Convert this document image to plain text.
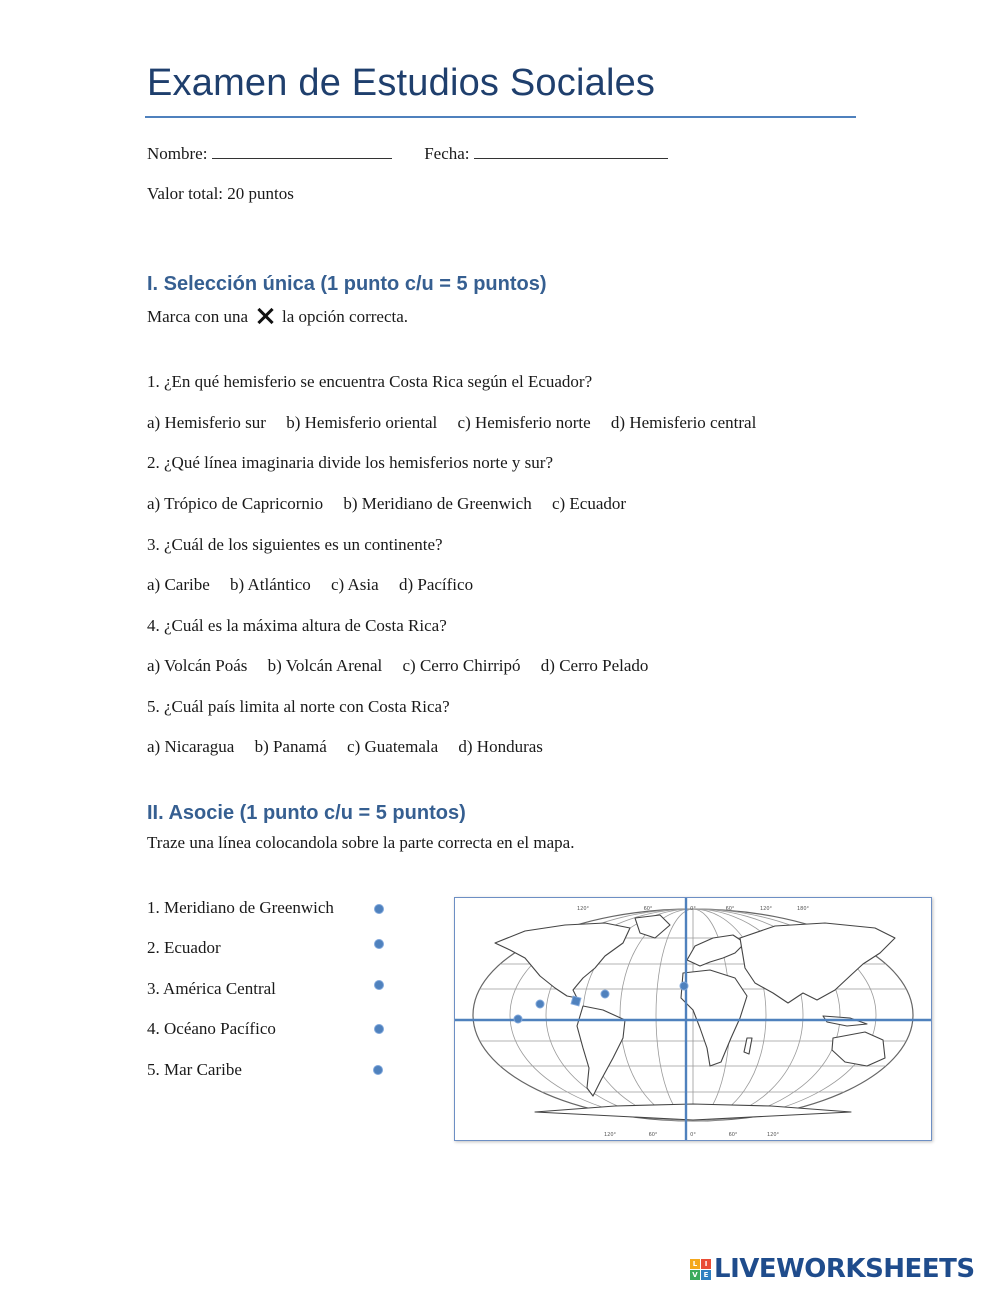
Examen de Estudios Sociales
Nombre:	Fecha:
Valor total: 20 puntos
I. Selección única (1 punto c/u = 5 puntos)
Marca con una la opción correcta.
1. ¿En qué hemisferio se encuentra Costa Rica según el Ecuador?
a) Hemisferio sur b) Hemisferio oriental c) Hemisferio norte d) Hemisferio central
2. ¿Qué línea imaginaria divide los hemisferios norte y sur?
a) Trópico de Capricornio b) Meridiano de Greenwich c) Ecuador
3. ¿Cuál de los siguientes es un continente?
a) Caribe b) Atlántico c) Asia d) Pacífico
4. ¿Cuál es la máxima altura de Costa Rica?
a) Volcán Poás b) Volcán Arenal c) Cerro Chirripó d) Cerro Pelado
5. ¿Cuál país limita al norte con Costa Rica?
a) Nicaragua b) Panamá c) Guatemala d) Honduras
II. Asocie (1 punto c/u = 5 puntos)
Traze una línea colocandola sobre la parte correcta en el mapa.
1. Meridiano de Greenwich
2. Ecuador
3. América Central
4. Océano Pacífico
5. Mar Caribe
120°	60°	0°	60°	120°	180°
120°	60°	0°	60°	120°
L	I
V E LIVEWORKSHEETS
